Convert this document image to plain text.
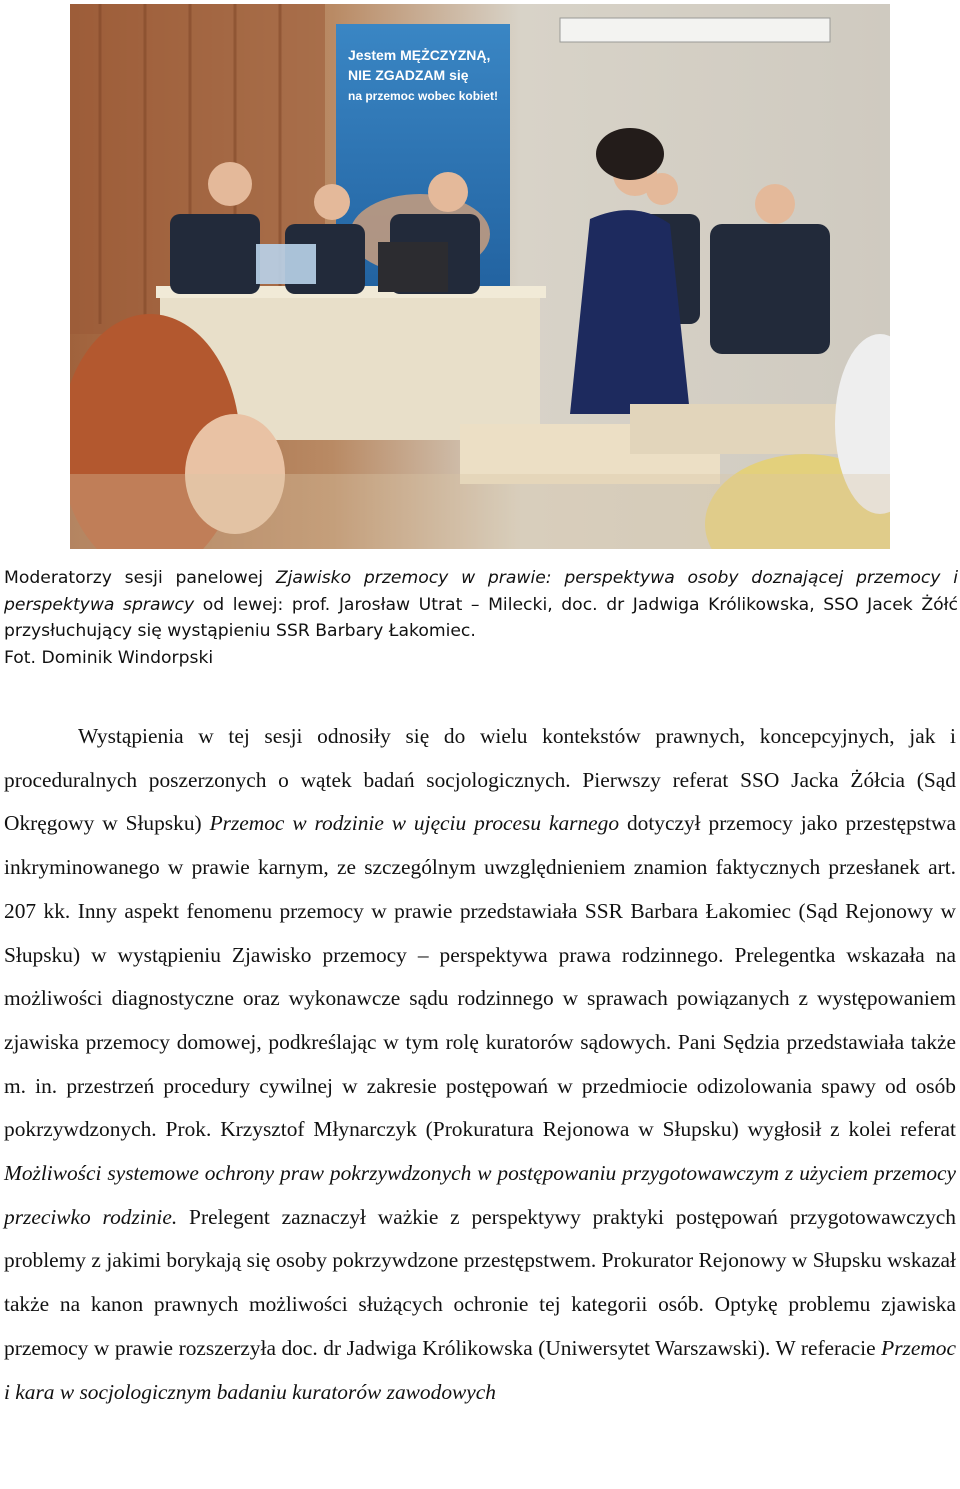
Jestem MĘŻCZYZNĄ,
NIE ZGADZAM się
na przemoc wobec kobiet!

Moderatorzy sesji panelowej Zjawisko przemocy w prawie: perspektywa osoby doznającej przemocy i perspektywa sprawcy od lewej: prof. Jarosław Utrat – Milecki, doc. dr Jadwiga Królikowska, SSO Jacek Żółć przysłuchujący się wystąpieniu SSR Barbary Łakomiec.

Fot. Dominik Windorpski

Wystąpienia w tej sesji odnosiły się do wielu kontekstów prawnych, koncepcyjnych, jak i proceduralnych poszerzonych o wątek badań socjologicznych. Pierwszy referat SSO Jacka Żółcia (Sąd Okręgowy w Słupsku) Przemoc w rodzinie w ujęciu procesu karnego dotyczył przemocy jako przestępstwa inkryminowanego w prawie karnym, ze szczególnym uwzględnieniem znamion faktycznych przesłanek art. 207 kk. Inny aspekt fenomenu przemocy w prawie przedstawiała SSR Barbara Łakomiec (Sąd Rejonowy w Słupsku) w wystąpieniu Zjawisko przemocy – perspektywa prawa rodzinnego. Prelegentka wskazała na możliwości diagnostyczne oraz wykonawcze sądu rodzinnego w sprawach powiązanych z występowaniem zjawiska przemocy domowej, podkreślając w tym rolę kuratorów sądowych. Pani Sędzia przedstawiała także m. in. przestrzeń procedury cywilnej w zakresie postępowań w przedmiocie odizolowania spawy od osób pokrzywdzonych. Prok. Krzysztof Młynarczyk (Prokuratura Rejonowa w Słupsku) wygłosił z kolei referat Możliwości systemowe ochrony praw pokrzywdzonych w postępowaniu przygotowawczym z użyciem przemocy przeciwko rodzinie. Prelegent zaznaczył ważkie z perspektywy praktyki postępowań przygotowawczych problemy z jakimi borykają się osoby pokrzywdzone przestępstwem. Prokurator Rejonowy w Słupsku wskazał także na kanon prawnych możliwości służących ochronie tej kategorii osób. Optykę problemu zjawiska przemocy w prawie rozszerzyła doc. dr Jadwiga Królikowska (Uniwersytet Warszawski). W referacie Przemoc i kara w socjologicznym badaniu kuratorów zawodowych
